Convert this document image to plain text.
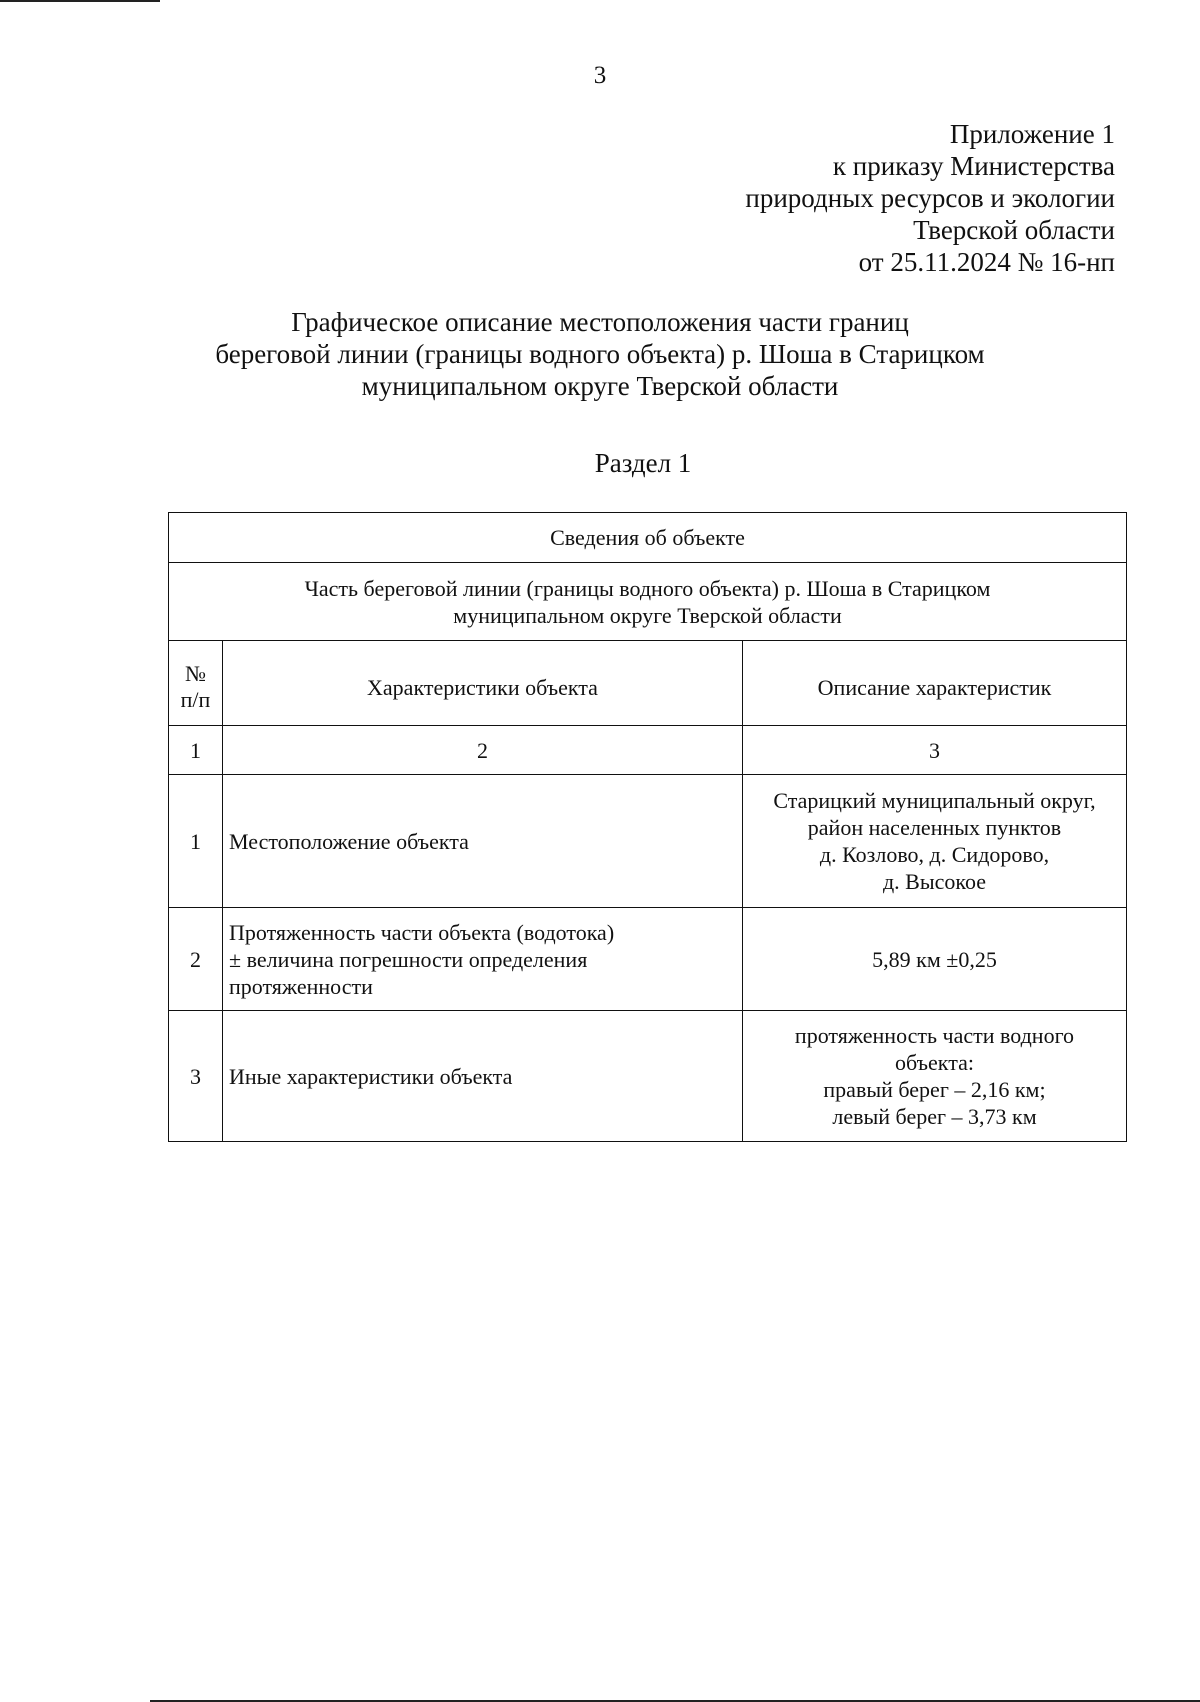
3
Приложение 1
к приказу Министерства
природных ресурсов и экологии
Тверской области
от 25.11.2024 № 16-нп
Графическое описание местоположения части границ
береговой линии (границы водного объекта) р. Шоша в Старицком
муниципальном округе Тверской области
Раздел 1
Сведения об объекте		

Часть береговой линии (границы водного объекта) р. Шоша в Старицком
муниципальном округе Тверской области		

№
п/п	Характеристики объекта	Описание характеристик
1	2	3
1	Местоположение объекта	Старицкий муниципальный округ,
район населенных пунктов
д. Козлово, д. Сидорово,
д. Высокое

2	Протяженность части объекта (водотока)
± величина погрешности определения
протяженности	5,89 км ±0,25

3	Иные характеристики объекта	протяженность части водного
объекта:
правый берег – 2,16 км;
левый берег – 3,73 км
